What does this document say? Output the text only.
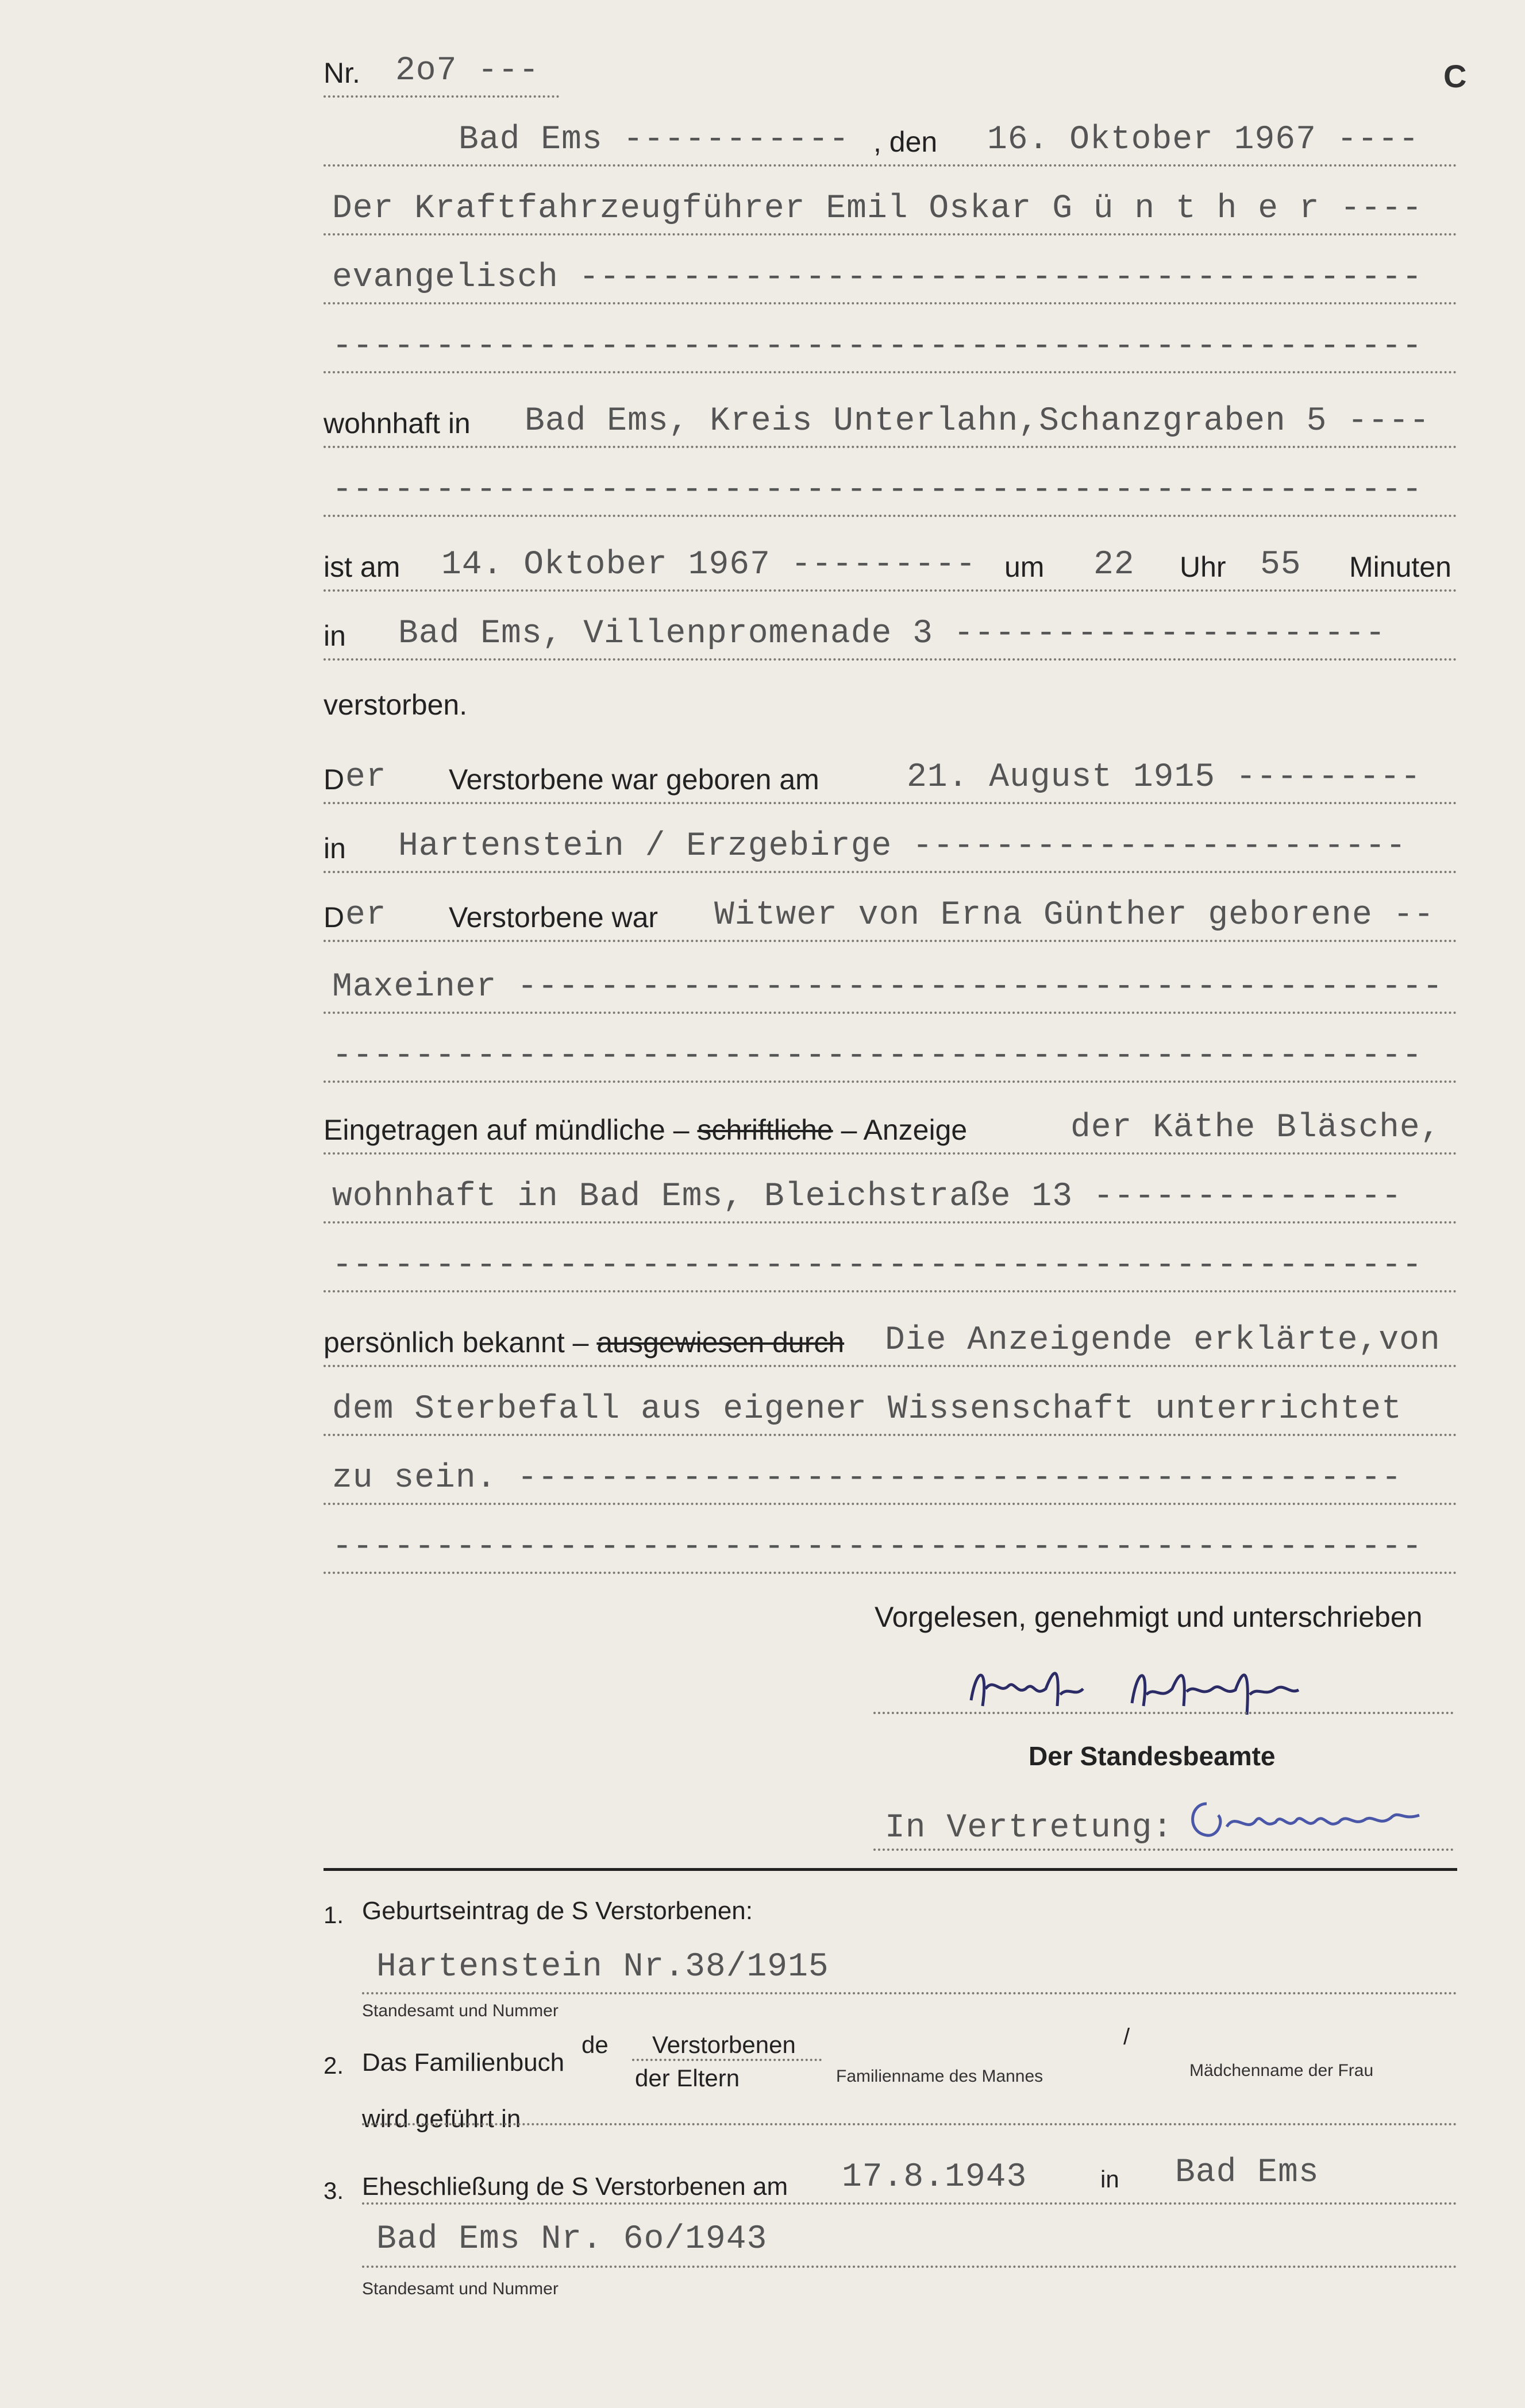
Nr. 2o7 ---	C
Bad Ems ----------- , den 16. Oktober 1967 ----
Der Kraftfahrzeugführer Emil Oskar G ü n t h e r ----
evangelisch -----------------------------------------
-----------------------------------------------------
wohnhaft in Bad Ems, Kreis Unterlahn,Schanzgraben 5 ----
-----------------------------------------------------
ist am 14. Oktober 1967 --------- um 22 Uhr 55 Minuten
in Bad Ems, Villenpromenade 3 ---------------------
verstorben.
D er Verstorbene war geboren am	21. August 1915 ---------
in Hartenstein / Erzgebirge ------------------------
D er Verstorbene war Witwer von Erna Günther geborene --
Maxeiner ---------------------------------------------
-----------------------------------------------------
Eingetragen auf mündliche – schriftliche – Anzeige	der Käthe Bläsche,
wohnhaft in Bad Ems, Bleichstraße 13 ---------------
-----------------------------------------------------
persönlich bekannt – ausgewiesen durch Die Anzeigende erklärte,von
dem Sterbefall aus eigener Wissenschaft unterrichtet
zu sein. -------------------------------------------
-----------------------------------------------------
Vorgelesen, genehmigt und unterschrieben
Der Standesbeamte
In Vertretung:
1. Geburtseintrag de S Verstorbenen:
Hartenstein Nr.38/1915
Standesamt und Nummer
2. Das Familienbuch
de Verstorbenen
der Eltern
/
Familienname des Mannes	Mädchenname der Frau
wird geführt in
3. Eheschließung de S Verstorbenen am 17.8.1943	in Bad Ems
Bad Ems Nr. 6o/1943
Standesamt und Nummer
